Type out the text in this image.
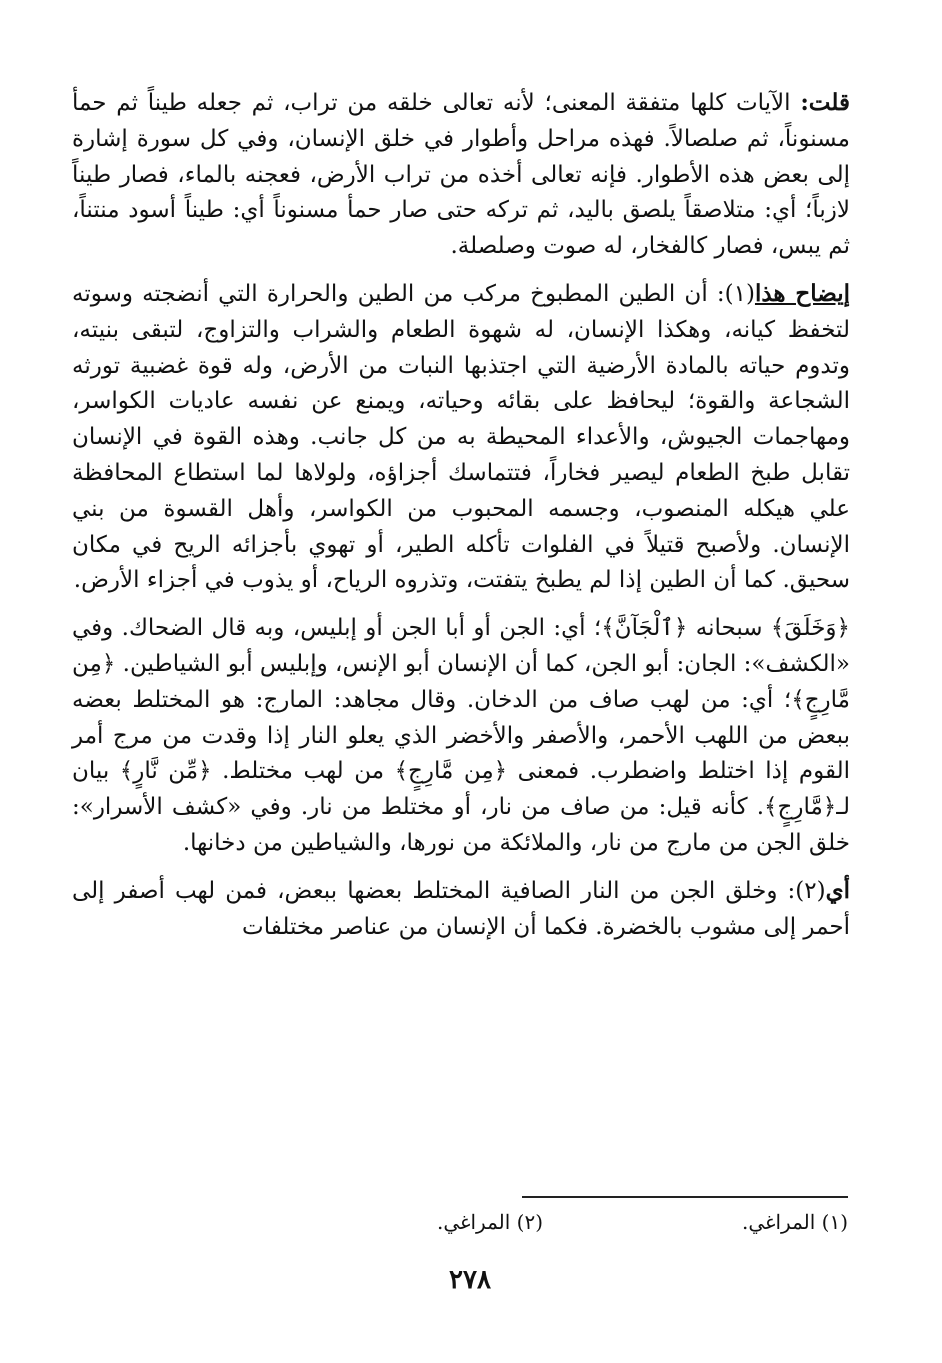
قلت: الآيات كلها متفقة المعنى؛ لأنه تعالى خلقه من تراب، ثم جعله طيناً ثم حمأ مسنوناً، ثم صلصالاً. فهذه مراحل وأطوار في خلق الإنسان، وفي كل سورة إشارة إلى بعض هذه الأطوار. فإنه تعالى أخذه من تراب الأرض، فعجنه بالماء، فصار طيناً لازباً؛ أي: متلاصقاً يلصق باليد، ثم تركه حتى صار حمأ مسنوناً أي: طيناً أسود منتناً، ثم يبس، فصار كالفخار، له صوت وصلصلة.

إيضاح هذا(١): أن الطين المطبوخ مركب من الطين والحرارة التي أنضجته وسوته لتخفظ كيانه، وهكذا الإنسان، له شهوة الطعام والشراب والتزاوج، لتبقى بنيته، وتدوم حياته بالمادة الأرضية التي اجتذبها النبات من الأرض، وله قوة غضبية تورثه الشجاعة والقوة؛ ليحافظ على بقائه وحياته، ويمنع عن نفسه عاديات الكواسر، ومهاجمات الجيوش، والأعداء المحيطة به من كل جانب. وهذه القوة في الإنسان تقابل طبخ الطعام ليصير فخاراً، فتتماسك أجزاؤه، ولولاها لما استطاع المحافظة علي هيكله المنصوب، وجسمه المحبوب من الكواسر، وأهل القسوة من بني الإنسان. ولأصبح قتيلاً في الفلوات تأكله الطير، أو تهوي بأجزائه الريح في مكان سحيق. كما أن الطين إذا لم يطبخ يتفتت، وتذروه الرياح، أو يذوب في أجزاء الأرض.

﴿وَخَلَقَ﴾ سبحانه ﴿ٱلْجَآنَّ﴾؛ أي: الجن أو أبا الجن أو إبليس، وبه قال الضحاك. وفي «الكشف»: الجان: أبو الجن، كما أن الإنسان أبو الإنس، وإبليس أبو الشياطين. ﴿مِن مَّارِجٍ﴾؛ أي: من لهب صاف من الدخان. وقال مجاهد: المارج: هو المختلط بعضه ببعض من اللهب الأحمر، والأصفر والأخضر الذي يعلو النار إذا وقدت من مرج أمر القوم إذا اختلط واضطرب. فمعنى ﴿مِن مَّارِجٍ﴾ من لهب مختلط. ﴿مِّن نَّارٍ﴾ بيان لـ﴿مَّارِجٍ﴾. كأنه قيل: من صاف من نار، أو مختلط من نار. وفي «كشف الأسرار»: خلق الجن من مارج من نار، والملائكة من نورها، والشياطين من دخانها.

أي(٢): وخلق الجن من النار الصافية المختلط بعضها ببعض، فمن لهب أصفر إلى أحمر إلى مشوب بالخضرة. فكما أن الإنسان من عناصر مختلفات

(١) المراغي.
(٢) المراغي.
٢٧٨
